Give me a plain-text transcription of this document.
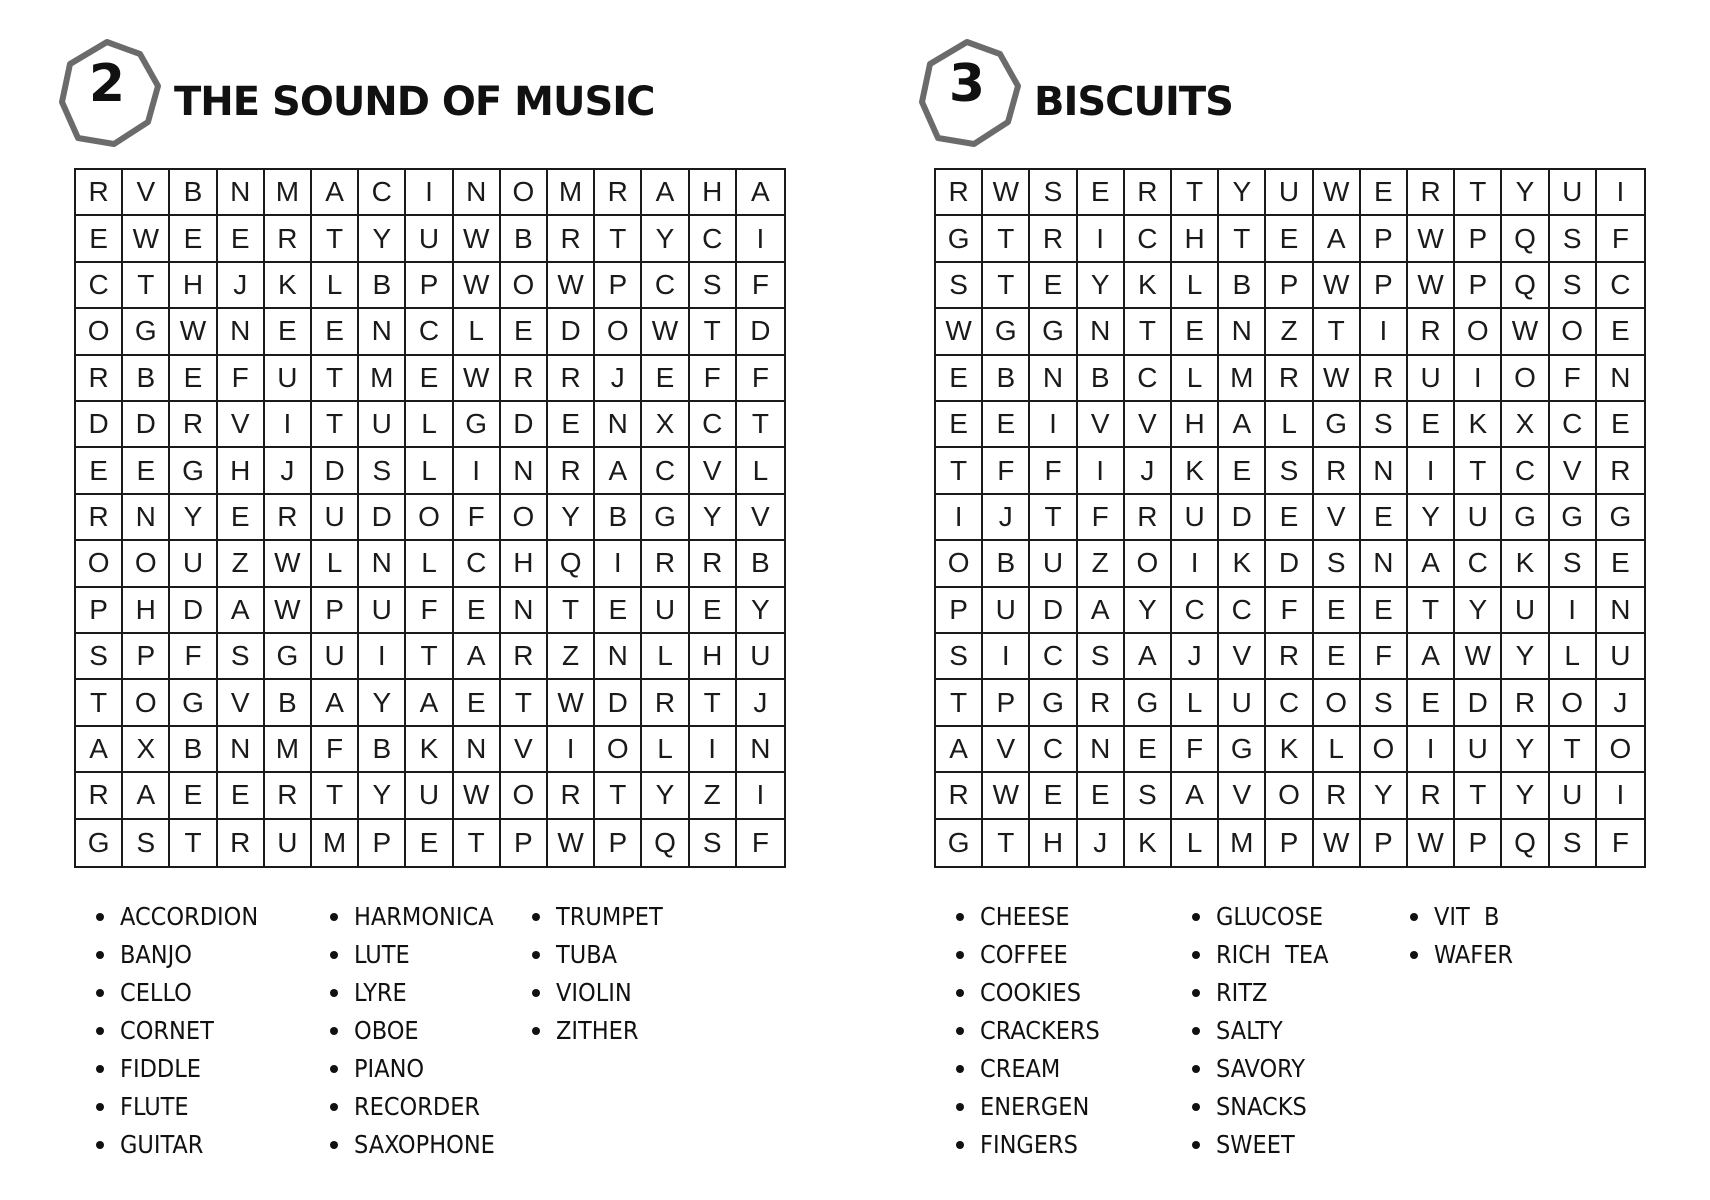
2	THE SOUND OF MUSIC
R V	B N M A C	I	N O M R A H	A
E W E	E R	T	Y U W B R	T	Y C	I
C	T	H	J	K	L	B	P W O W P C S	F
O G W N E	E N C	L	E D O W T	D
R B	E	F	U	T M E W R R	J	E	F	F
D D R V	I	T	U	L	G D E N X C	T
E	E G H	J	D S	L	I	N R A C V	L
R N Y	E R U D O F O Y	B G Y	V
O O U	Z W L	N	L	C H Q	I	R R	B
P H D A W P U	F	E N	T	E U E	Y
S	P	F	S G U	I	T	A R	Z	N	L	H U
T O G V	B	A	Y	A	E	T W D R	T	J
A	X	B N M F	B	K N V	I	O	L	I	N
R A	E	E R	T	Y U W O R	T	Y	Z	I
G S	T	R U M P	E	T	P W P Q S	F
ACCORDION
BANJO
CELLO
CORNET
FIDDLE
FLUTE
GUITAR
HARMONICA
LUTE
LYRE
OBOE
PIANO
RECORDER
SAXOPHONE
TRUMPET
TUBA
VIOLIN
ZITHER
3	BISCUITS
R W S	E R	T	Y U W E R	T	Y U	I
G T	R	I	C H	T	E	A	P W P Q S	F
S	T	E	Y	K	L	B	P W P W P Q S	C
W G G N	T	E N	Z	T	I	R O W O E
E	B N B C	L M R W R U	I	O F	N
E	E	I	V	V H A	L	G S	E	K	X C	E
T	F	F	I	J	K	E	S R N	I	T	C V	R
I	J	T	F	R U D E	V	E	Y U G G G
O B U	Z O	I	K D S N A C K	S	E
P U D A	Y C C	F	E	E	T	Y U	I	N
S	I	C S	A	J	V R E	F	A W Y	L	U
T	P G R G	L	U C O S	E D R O	J
A	V C N E	F G K	L	O	I	U Y	T	O
R W E	E	S	A	V O R Y R	T	Y U	I
G T	H	J	K	L M P W P W P Q S	F
CHEESE
COFFEE
COOKIES
CRACKERS
CREAM
ENERGEN
FINGERS
GLUCOSE
RICH  TEA
RITZ
SALTY
SAVORY
SNACKS
SWEET
VIT  B
WAFER
